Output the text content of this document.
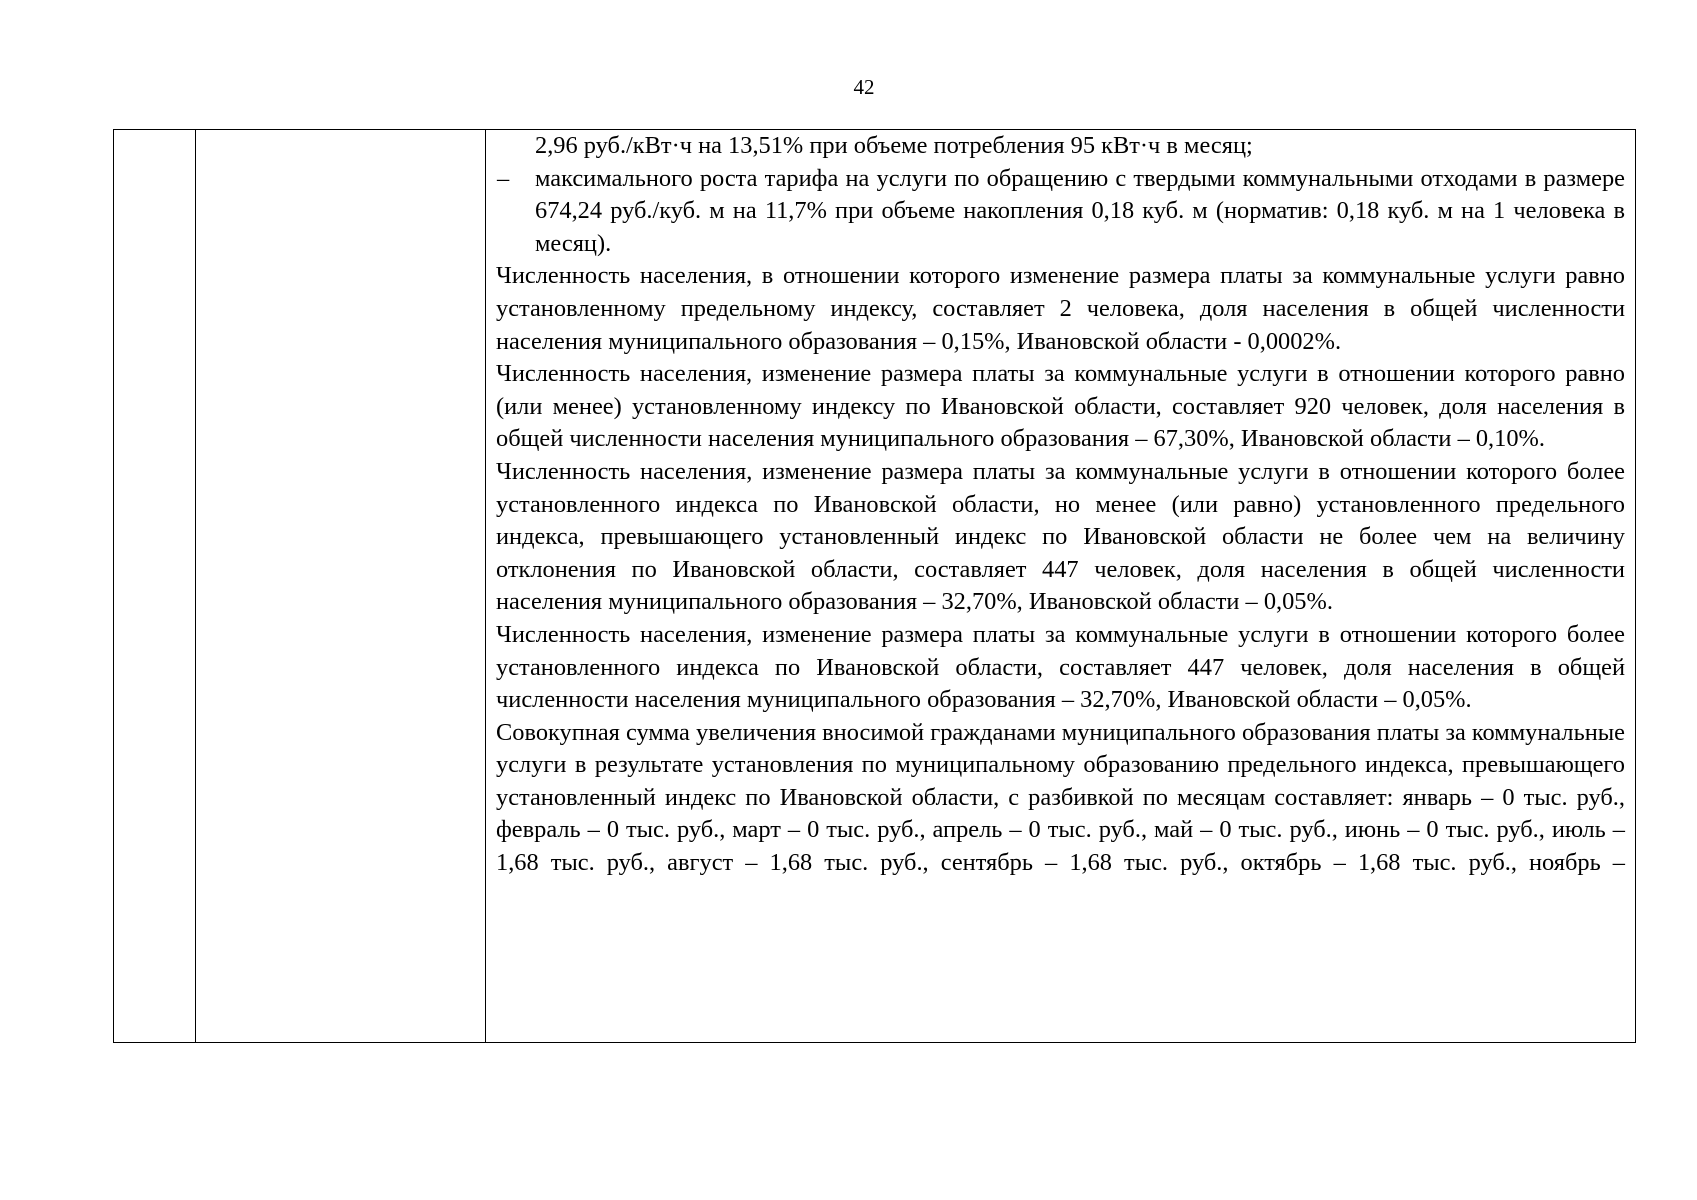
42

2,96 руб./кВт·ч на 13,51% при объеме потребления 95 кВт·ч в месяц;

– максимального роста тарифа на услуги по обращению с твердыми коммунальными отходами в размере 674,24 руб./куб. м на 11,7% при объеме накопления 0,18 куб. м (норматив: 0,18 куб. м на 1 человека в месяц).

Численность населения, в отношении которого изменение размера платы за коммунальные услуги равно установленному предельному индексу, составляет 2 человека, доля населения в общей численности населения муниципального образования – 0,15%, Ивановской области - 0,0002%.

Численность населения, изменение размера платы за коммунальные услуги в отношении которого равно (или менее) установленному индексу по Ивановской области, составляет 920 человек, доля населения в общей численности населения муниципального образования – 67,30%, Ивановской области – 0,10%.

Численность населения, изменение размера платы за коммунальные услуги в отношении которого более установленного индекса по Ивановской области, но менее (или равно) установленного предельного индекса, превышающего установленный индекс по Ивановской области не более чем на величину отклонения по Ивановской области, составляет 447 человек, доля населения в общей численности населения муниципального образования – 32,70%, Ивановской области – 0,05%.

Численность населения, изменение размера платы за коммунальные услуги в отношении которого более установленного индекса по Ивановской области, составляет 447 человек, доля населения в общей численности населения муниципального образования – 32,70%, Ивановской области – 0,05%.

Совокупная сумма увеличения вносимой гражданами муниципального образования платы за коммунальные услуги в результате установления по муниципальному образованию предельного индекса, превышающего установленный индекс по Ивановской области, с разбивкой по месяцам составляет: январь – 0 тыс. руб., февраль – 0 тыс. руб., март – 0 тыс. руб., апрель – 0 тыс. руб., май – 0 тыс. руб., июнь – 0 тыс. руб., июль – 1,68 тыс. руб., август – 1,68 тыс. руб., сентябрь – 1,68 тыс. руб., октябрь – 1,68 тыс. руб., ноябрь –
